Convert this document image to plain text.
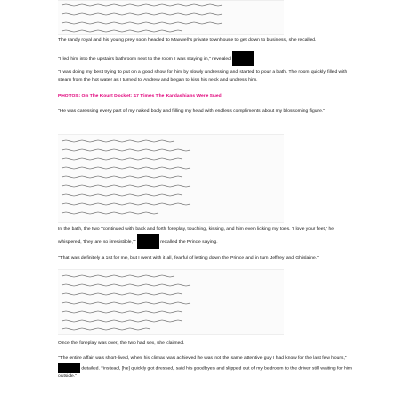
The randy royal and his young prey soon headed to Maxwell's private townhouse to get down to business, she recalled.

"I led him into the upstairs bathroom next to the room I was staying in," revealed

"I was doing my best trying to put on a good show for him by slowly undressing and started to pour a bath. The room quickly filled with steam from the hot water as I turned to Andrew and began to kiss his neck and undress him.

PHOTOS: On The Kourt Docket: 17 Times The Kardashians Were Sued

"He was caressing every part of my naked body and filling my head with endless compliments about my blossoming figure."

In the bath, the two "continued with back and forth foreplay, touching, kissing, and him even licking my toes. 'I love your feet,' he whispered, 'they are so irresistible,'"	recalled the Prince saying.

"That was definitely a 1st for me, but I went with it all, fearful of letting down the Prince and in turn Jeffrey and Ghislaine."

Once the foreplay was over, the two had sex, she claimed.

"The entire affair was short-lived, when his climax was achieved he was not the same attentive guy I had know for the last few hours,"  detailed. "Instead, [he] quickly got dressed, said his goodbyes and slipped out of my bedroom to the driver still waiting for him outside."
